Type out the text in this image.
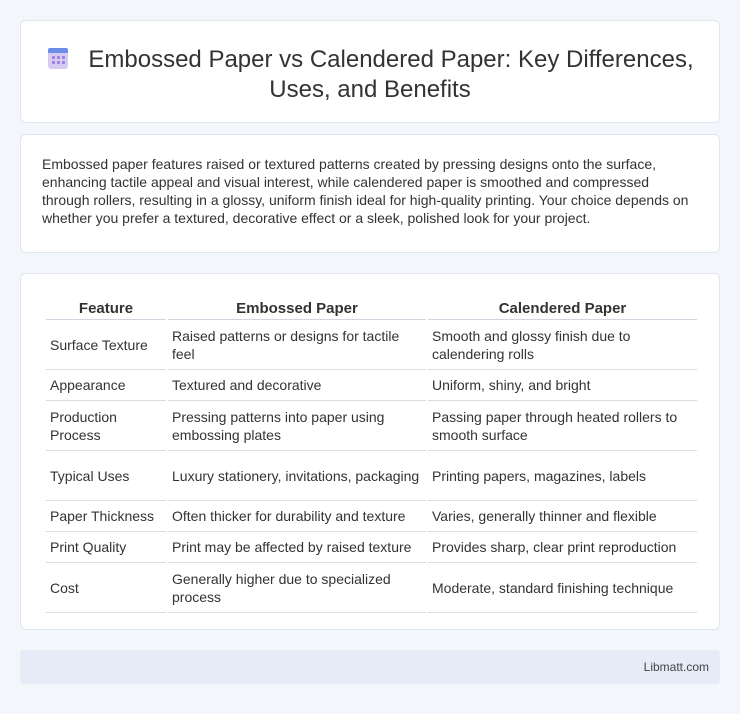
Embossed Paper vs Calendered Paper: Key Differences, Uses, and Benefits

Embossed paper features raised or textured patterns created by pressing designs onto the surface, enhancing tactile appeal and visual interest, while calendered paper is smoothed and compressed through rollers, resulting in a glossy, uniform finish ideal for high-quality printing. Your choice depends on whether you prefer a textured, decorative effect or a sleek, polished look for your project.

Feature	Embossed Paper	Calendered Paper
Surface Texture	Raised patterns or designs for tactile feel	Smooth and glossy finish due to calendering rolls
Appearance	Textured and decorative	Uniform, shiny, and bright
Production Process	Pressing patterns into paper using embossing plates	Passing paper through heated rollers to smooth surface
Typical Uses	Luxury stationery, invitations, packaging	Printing papers, magazines, labels
Paper Thickness	Often thicker for durability and texture	Varies, generally thinner and flexible
Print Quality	Print may be affected by raised texture	Provides sharp, clear print reproduction
Cost	Generally higher due to specialized process	Moderate, standard finishing technique
Libmatt.com
